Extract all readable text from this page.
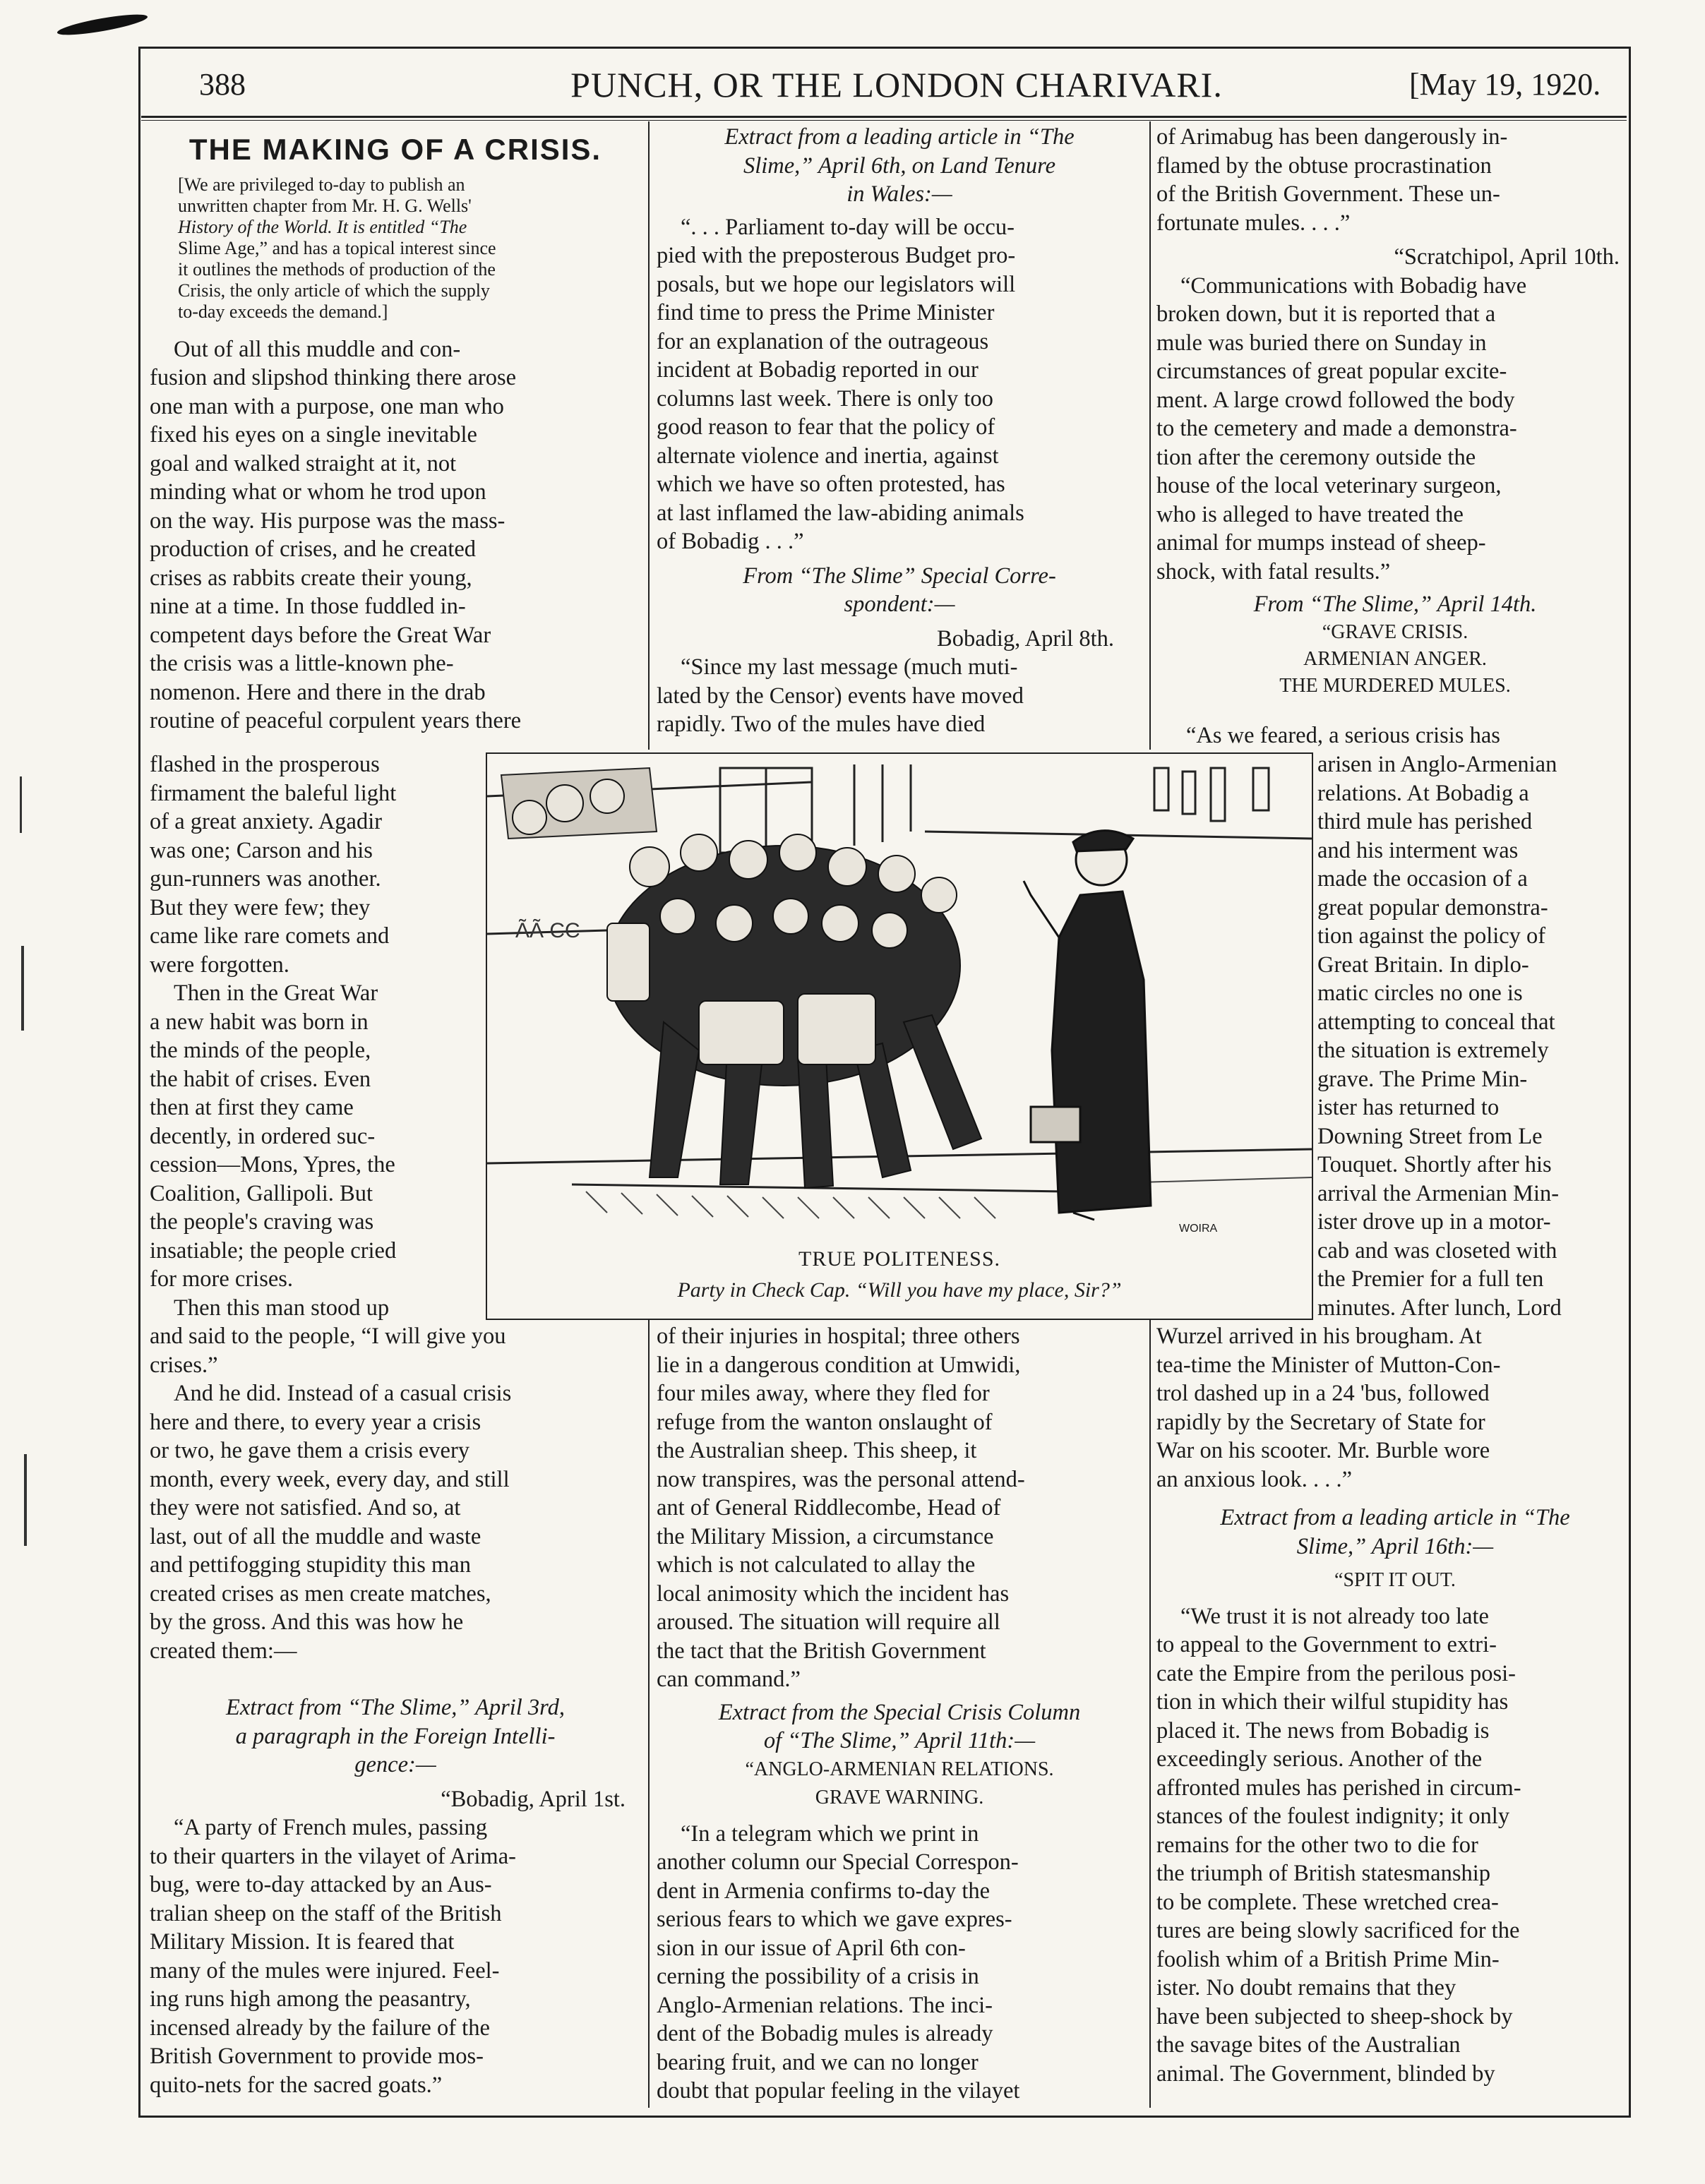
388	PUNCH, OR THE LONDON CHARIVARI.	[May 19, 1920.
THE MAKING OF A CRISIS.
[We are privileged to-day to publish an
unwritten chapter from Mr. H. G. Wells'
History of the World. It is entitled “The
Slime Age,” and has a topical interest since
it outlines the methods of production of the
Crisis, the only article of which the supply
to-day exceeds the demand.]
Out of all this muddle and con-
fusion and slipshod thinking there arose
one man with a purpose, one man who
fixed his eyes on a single inevitable
goal and walked straight at it, not
minding what or whom he trod upon
on the way. His purpose was the mass-
production of crises, and he created
crises as rabbits create their young,
nine at a time. In those fuddled in-
competent days before the Great War
the crisis was a little-known phe-
nomenon. Here and there in the drab
routine of peaceful corpulent years there
flashed in the prosperous
firmament the baleful light
of a great anxiety. Agadir
was one; Carson and his
gun-runners was another.
But they were few; they
came like rare comets and
were forgotten.
Then in the Great War
a new habit was born in
the minds of the people,
the habit of crises. Even
then at first they came
decently, in ordered suc-
cession—Mons, Ypres, the
Coalition, Gallipoli. But
the people's craving was
insatiable; the people cried
for more crises.
Then this man stood up
and said to the people, “I will give you
crises.”
And he did. Instead of a casual crisis
here and there, to every year a crisis
or two, he gave them a crisis every
month, every week, every day, and still
they were not satisfied. And so, at
last, out of all the muddle and waste
and pettifogging stupidity this man
created crises as men create matches,
by the gross. And this was how he
created them:—
Extract from “The Slime,” April 3rd,
a paragraph in the Foreign Intelli-
gence:—
“Bobadig, April 1st.
“A party of French mules, passing
to their quarters in the vilayet of Arima-
bug, were to-day attacked by an Aus-
tralian sheep on the staff of the British
Military Mission. It is feared that
many of the mules were injured. Feel-
ing runs high among the peasantry,
incensed already by the failure of the
British Government to provide mos-
quito-nets for the sacred goats.”
Extract from a leading article in “The
Slime,” April 6th, on Land Tenure
in Wales:—
“. . . Parliament to-day will be occu-
pied with the preposterous Budget pro-
posals, but we hope our legislators will
find time to press the Prime Minister
for an explanation of the outrageous
incident at Bobadig reported in our
columns last week. There is only too
good reason to fear that the policy of
alternate violence and inertia, against
which we have so often protested, has
at last inflamed the law-abiding animals
of Bobadig . . .”
From “The Slime” Special Corre-
spondent:—
Bobadig, April 8th.
“Since my last message (much muti-
lated by the Censor) events have moved
rapidly. Two of the mules have died
of their injuries in hospital; three others
lie in a dangerous condition at Umwidi,
four miles away, where they fled for
refuge from the wanton onslaught of
the Australian sheep. This sheep, it
now transpires, was the personal attend-
ant of General Riddlecombe, Head of
the Military Mission, a circumstance
which is not calculated to allay the
local animosity which the incident has
aroused. The situation will require all
the tact that the British Government
can command.”
Extract from the Special Crisis Column
of “The Slime,” April 11th:—
“ANGLO-ARMENIAN RELATIONS.
GRAVE WARNING.
“In a telegram which we print in
another column our Special Correspon-
dent in Armenia confirms to-day the
serious fears to which we gave expres-
sion in our issue of April 6th con-
cerning the possibility of a crisis in
Anglo-Armenian relations. The inci-
dent of the Bobadig mules is already
bearing fruit, and we can no longer
doubt that popular feeling in the vilayet
of Arimabug has been dangerously in-
flamed by the obtuse procrastination
of the British Government. These un-
fortunate mules. . . .”
“Scratchipol, April 10th.
“Communications with Bobadig have
broken down, but it is reported that a
mule was buried there on Sunday in
circumstances of great popular excite-
ment. A large crowd followed the body
to the cemetery and made a demonstra-
tion after the ceremony outside the
house of the local veterinary surgeon,
who is alleged to have treated the
animal for mumps instead of sheep-
shock, with fatal results.”
From “The Slime,” April 14th.
“GRAVE CRISIS.
ARMENIAN ANGER.
THE MURDERED MULES.
“As we feared, a serious crisis has
arisen in Anglo-Armenian
relations. At Bobadig a
third mule has perished
and his interment was
made the occasion of a
great popular demonstra-
tion against the policy of
Great Britain. In diplo-
matic circles no one is
attempting to conceal that
the situation is extremely
grave. The Prime Min-
ister has returned to
Downing Street from Le
Touquet. Shortly after his
arrival the Armenian Min-
ister drove up in a motor-
cab and was closeted with
the Premier for a full ten
minutes. After lunch, Lord
Wurzel arrived in his brougham. At
tea-time the Minister of Mutton-Con-
trol dashed up in a 24 'bus, followed
rapidly by the Secretary of State for
War on his scooter. Mr. Burble wore
an anxious look. . . .”
Extract from a leading article in “The
Slime,” April 16th:—
“SPIT IT OUT.
“We trust it is not already too late
to appeal to the Government to extri-
cate the Empire from the perilous posi-
tion in which their wilful stupidity has
placed it. The news from Bobadig is
exceedingly serious. Another of the
affronted mules has perished in circum-
stances of the foulest indignity; it only
remains for the other two to die for
the triumph of British statesmanship
to be complete. These wretched crea-
tures are being slowly sacrificed for the
foolish whim of a British Prime Min-
ister. No doubt remains that they
have been subjected to sheep-shock by
the savage bites of the Australian
animal. The Government, blinded by
ÃÃ CC
WOIRA
TRUE POLITENESS.
Party in Check Cap. “Will you have my place, Sir?”
